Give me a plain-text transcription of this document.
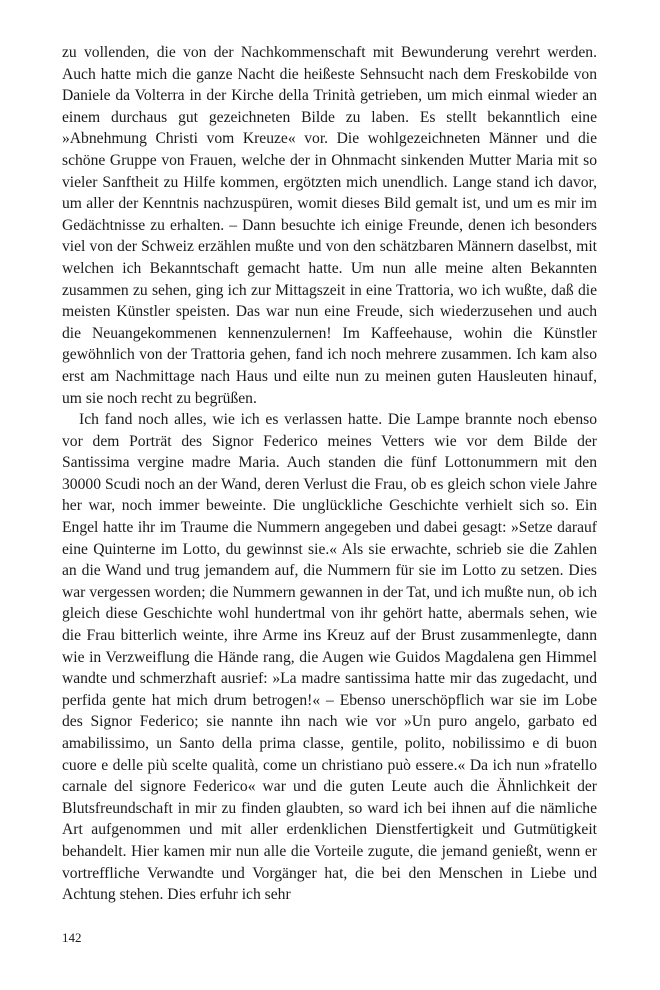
zu vollenden, die von der Nachkommenschaft mit Bewunderung verehrt werden. Auch hatte mich die ganze Nacht die heißeste Sehnsucht nach dem Freskobilde von Daniele da Volterra in der Kirche della Trinità getrieben, um mich einmal wieder an einem durchaus gut gezeichneten Bilde zu laben. Es stellt bekanntlich eine »Abnehmung Christi vom Kreuze« vor. Die wohlgezeichneten Männer und die schöne Gruppe von Frauen, welche der in Ohnmacht sinkenden Mutter Maria mit so vieler Sanftheit zu Hilfe kommen, ergötzten mich unendlich. Lange stand ich davor, um aller der Kenntnis nachzuspüren, womit dieses Bild gemalt ist, und um es mir im Gedächtnisse zu erhalten. – Dann besuchte ich einige Freunde, denen ich besonders viel von der Schweiz erzählen mußte und von den schätzbaren Männern daselbst, mit welchen ich Bekanntschaft gemacht hatte. Um nun alle meine alten Bekannten zusammen zu sehen, ging ich zur Mittagszeit in eine Trattoria, wo ich wußte, daß die meisten Künstler speisten. Das war nun eine Freude, sich wiederzusehen und auch die Neuangekommenen kennenzulernen! Im Kaffeehause, wohin die Künstler gewöhnlich von der Trattoria gehen, fand ich noch mehrere zusammen. Ich kam also erst am Nachmittage nach Haus und eilte nun zu meinen guten Hausleuten hinauf, um sie noch recht zu begrüßen.

Ich fand noch alles, wie ich es verlassen hatte. Die Lampe brannte noch ebenso vor dem Porträt des Signor Federico meines Vetters wie vor dem Bilde der Santissima vergine madre Maria. Auch standen die fünf Lottonummern mit den 30000 Scudi noch an der Wand, deren Verlust die Frau, ob es gleich schon viele Jahre her war, noch immer beweinte. Die unglückliche Geschichte verhielt sich so. Ein Engel hatte ihr im Traume die Nummern angegeben und dabei gesagt: »Setze darauf eine Quinterne im Lotto, du gewinnst sie.« Als sie erwachte, schrieb sie die Zahlen an die Wand und trug jemandem auf, die Nummern für sie im Lotto zu setzen. Dies war vergessen worden; die Nummern gewannen in der Tat, und ich mußte nun, ob ich gleich diese Geschichte wohl hundertmal von ihr gehört hatte, abermals sehen, wie die Frau bitterlich weinte, ihre Arme ins Kreuz auf der Brust zusammenlegte, dann wie in Verzweiflung die Hände rang, die Augen wie Guidos Magdalena gen Himmel wandte und schmerzhaft ausrief: »La madre santissima hatte mir das zugedacht, und perfida gente hat mich drum betrogen!« – Ebenso unerschöpflich war sie im Lobe des Signor Federico; sie nannte ihn nach wie vor »Un puro angelo, garbato ed amabilissimo, un Santo della prima classe, gentile, polito, nobilissimo e di buon cuore e delle più scelte qualità, come un christiano può essere.« Da ich nun »fratello carnale del signore Federico« war und die guten Leute auch die Ähnlichkeit der Blutsfreundschaft in mir zu finden glaubten, so ward ich bei ihnen auf die nämliche Art aufgenommen und mit aller erdenklichen Dienstfertigkeit und Gutmütigkeit behandelt. Hier kamen mir nun alle die Vorteile zugute, die jemand genießt, wenn er vortreffliche Verwandte und Vorgänger hat, die bei den Menschen in Liebe und Achtung stehen. Dies erfuhr ich sehr

142
